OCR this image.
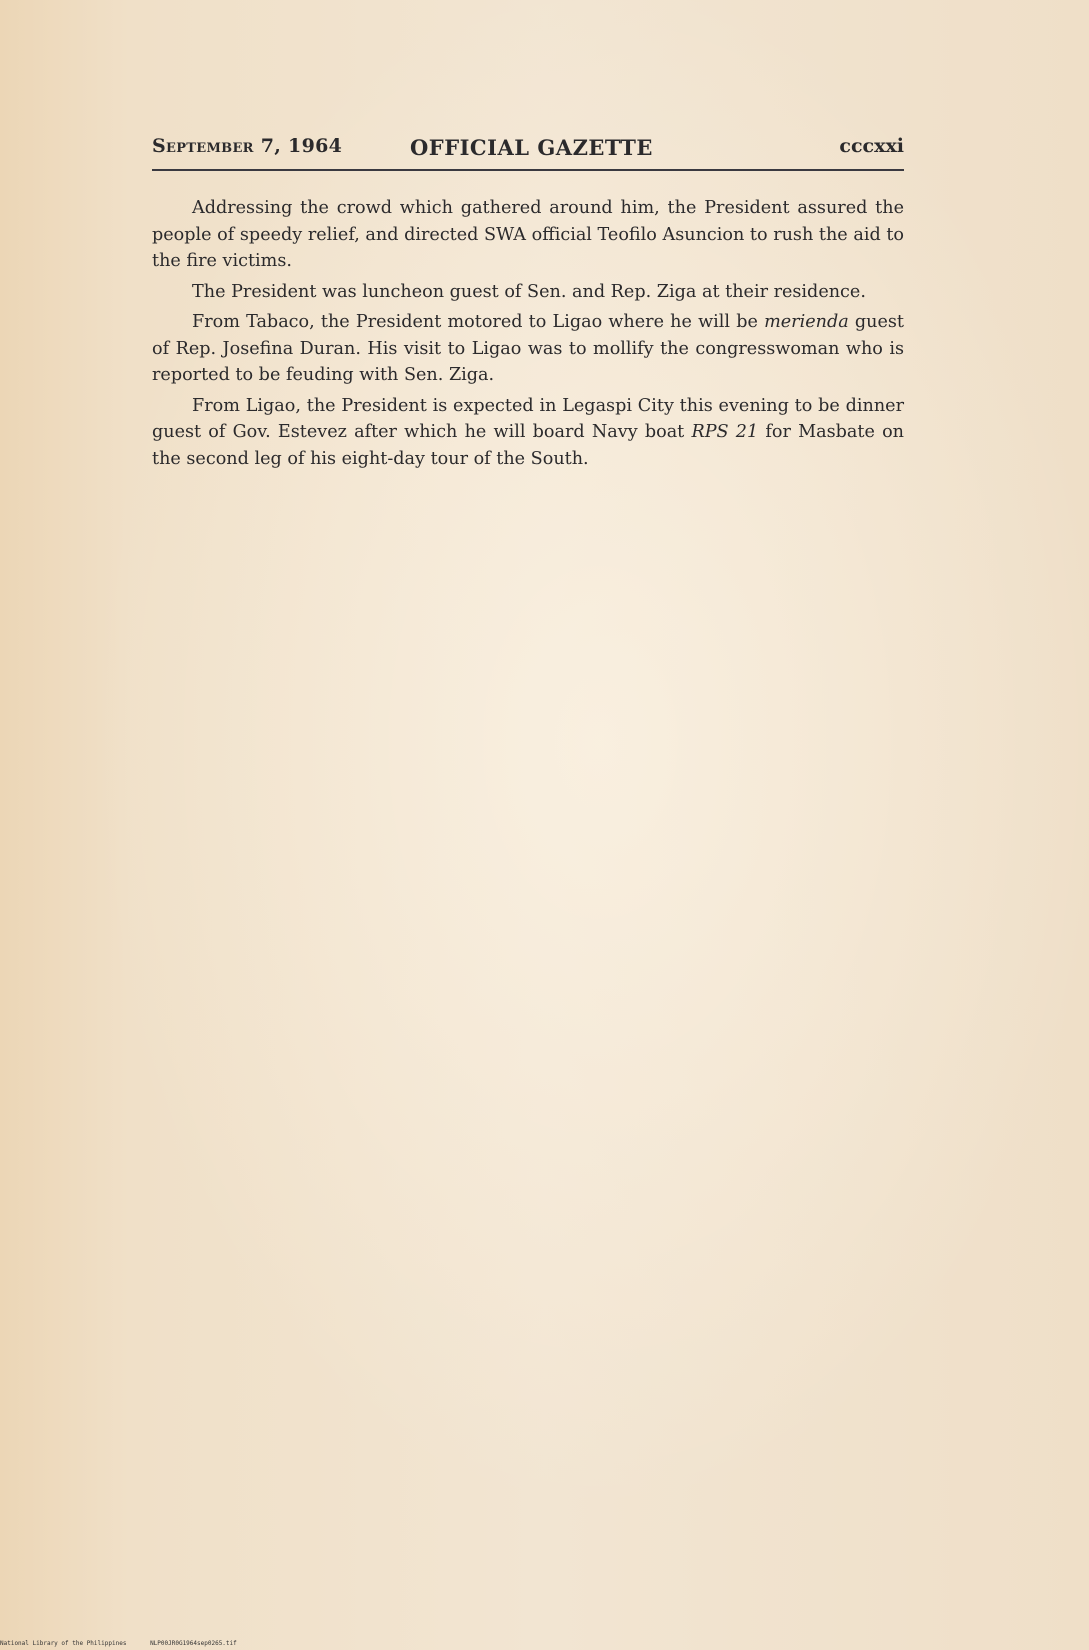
September 7, 1964	OFFICIAL GAZETTE	cccxxi

Addressing the crowd which gathered around him, the President assured the people of speedy relief, and directed SWA official Teofilo Asuncion to rush the aid to the fire victims.

The President was luncheon guest of Sen. and Rep. Ziga at their residence.

From Tabaco, the President motored to Ligao where he will be merienda guest of Rep. Josefina Duran. His visit to Ligao was to mollify the congresswoman who is reported to be feuding with Sen. Ziga.

From Ligao, the President is expected in Legaspi City this evening to be dinner guest of Gov. Estevez after which he will board Navy boat RPS 21 for Masbate on the second leg of his eight-day tour of the South.

National Library of the Philippines	NLP00JR0G1964sep0265.tif
